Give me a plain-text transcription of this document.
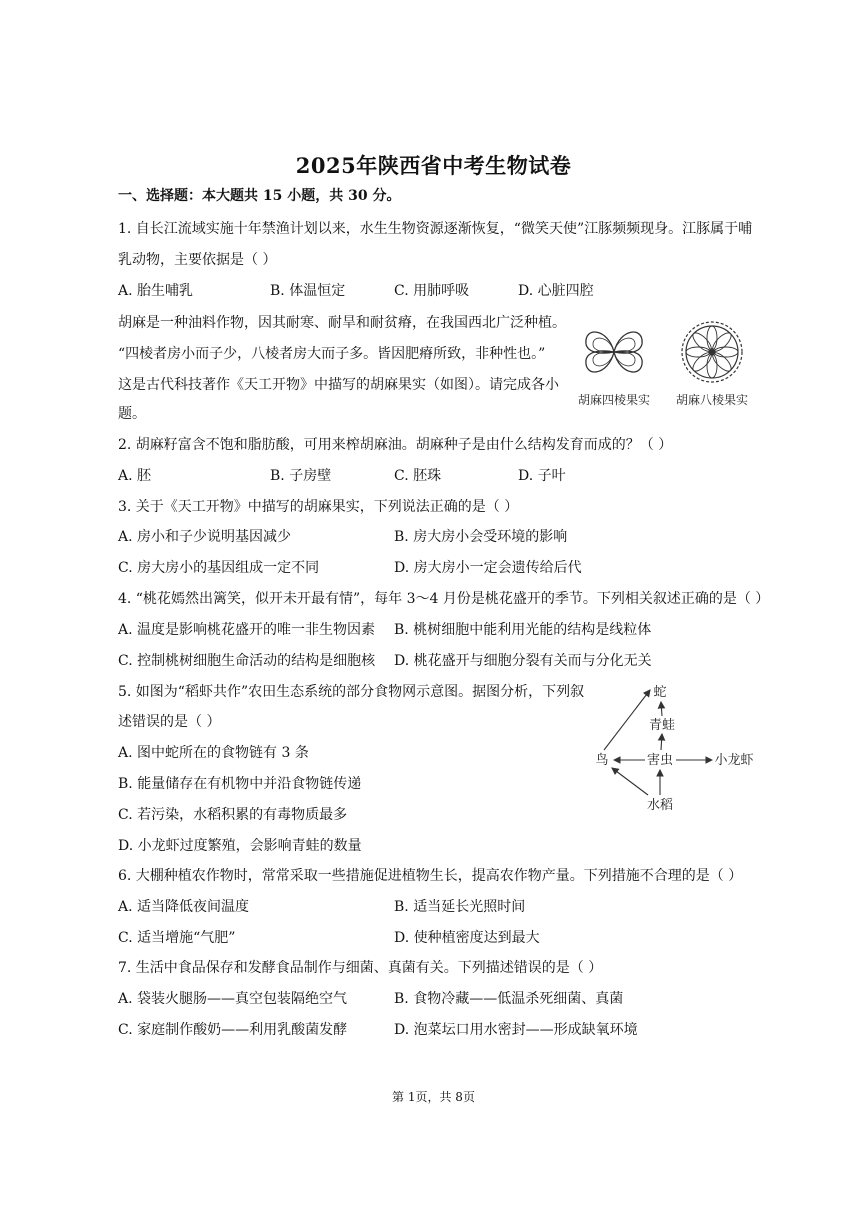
2025年陕西省中考生物试卷
一、选择题：本大题共 15 小题，共 30 分。
1. 自长江流域实施十年禁渔计划以来，水生生物资源逐渐恢复，“微笑天使”江豚频频现身。江豚属于哺
乳动物，主要依据是（ ）
A. 胎生哺乳	B. 体温恒定	C. 用肺呼吸	D. 心脏四腔
胡麻是一种油料作物，因其耐寒、耐旱和耐贫瘠，在我国西北广泛种植。
“四棱者房小而子少，八棱者房大而子多。皆因肥瘠所致，非种性也。”
这是古代科技著作《天工开物》中描写的胡麻果实（如图）。请完成各小
题。
胡麻四棱果实 胡麻八棱果实
2. 胡麻籽富含不饱和脂肪酸，可用来榨胡麻油。胡麻种子是由什么结构发育而成的？（ ）
A. 胚	B. 子房壁	C. 胚珠	D. 子叶
3. 关于《天工开物》中描写的胡麻果实，下列说法正确的是（ ）
A. 房小和子少说明基因减少	B. 房大房小会受环境的影响
C. 房大房小的基因组成一定不同	D. 房大房小一定会遗传给后代
4. “桃花嫣然出篱笑，似开未开最有情”，每年 3～4 月份是桃花盛开的季节。下列相关叙述正确的是（ ）
A. 温度是影响桃花盛开的唯一非生物因素 B. 桃树细胞中能利用光能的结构是线粒体
C. 控制桃树细胞生命活动的结构是细胞核 D. 桃花盛开与细胞分裂有关而与分化无关
5. 如图为“稻虾共作”农田生态系统的部分食物网示意图。据图分析，下列叙
述错误的是（ ）
A. 图中蛇所在的食物链有 3 条
B. 能量储存在有机物中并沿食物链传递
C. 若污染，水稻积累的有毒物质最多
D. 小龙虾过度繁殖，会影响青蛙的数量
蛇
青蛙
鸟	害虫	小龙虾
水稻
6. 大棚种植农作物时，常常采取一些措施促进植物生长，提高农作物产量。下列措施不合理的是（ ）
A. 适当降低夜间温度	B. 适当延长光照时间
C. 适当增施“气肥”	D. 使种植密度达到最大
7. 生活中食品保存和发酵食品制作与细菌、真菌有关。下列描述错误的是（ ）
A. 袋装火腿肠——真空包装隔绝空气	B. 食物冷藏——低温杀死细菌、真菌
C. 家庭制作酸奶——利用乳酸菌发酵	D. 泡菜坛口用水密封——形成缺氧环境
第 1页，共 8页
